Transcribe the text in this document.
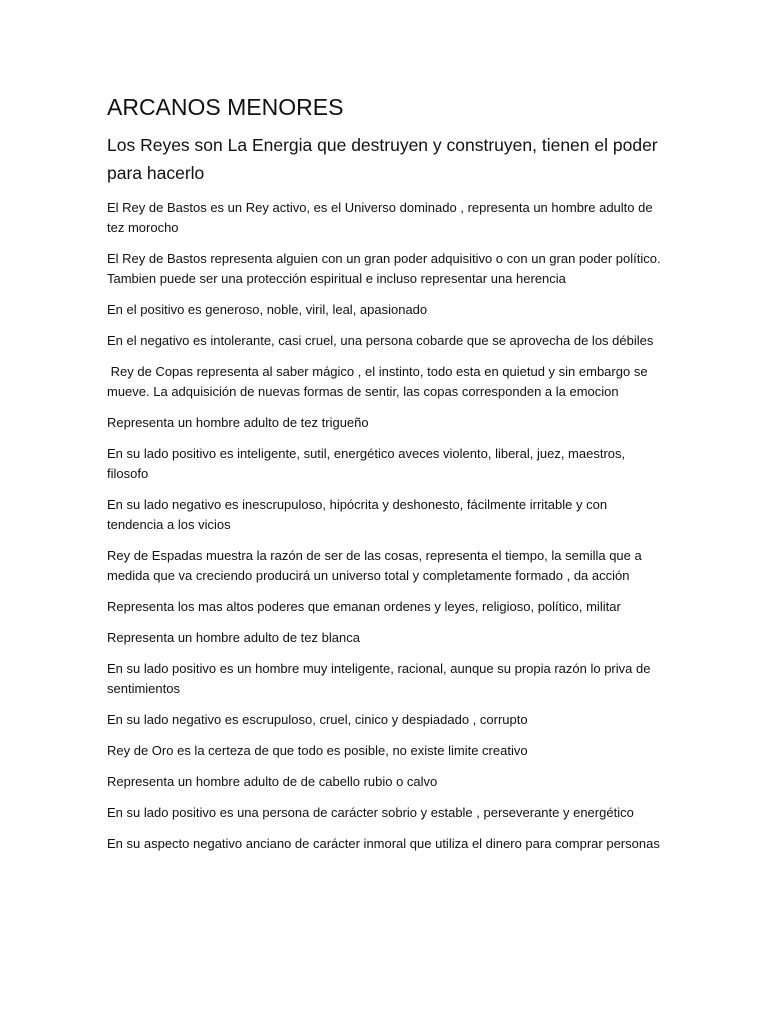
ARCANOS MENORES
Los Reyes son La Energia que destruyen y construyen, tienen el poder para hacerlo

El Rey de Bastos es un Rey activo, es el Universo dominado , representa un hombre adulto de tez morocho

El Rey de Bastos representa alguien con un gran poder adquisitivo o con un gran poder político. Tambien puede ser una protección espiritual e incluso representar una herencia

En el positivo es generoso, noble, viril, leal, apasionado

En el negativo es intolerante, casi cruel, una persona cobarde que se aprovecha de los débiles

Rey de Copas representa al saber mágico , el instinto, todo esta en quietud y sin embargo se mueve. La adquisición de nuevas formas de sentir, las copas corresponden a la emocion

Representa un hombre adulto de tez trigueño

En su lado positivo es inteligente, sutil, energético aveces violento, liberal, juez, maestros, filosofo

En su lado negativo es inescrupuloso, hipócrita y deshonesto, fácilmente irritable y con tendencia a los vicios

Rey de Espadas muestra la razón de ser de las cosas, representa el tiempo, la semilla que a medida que va creciendo producirá un universo total y completamente formado , da acción

Representa los mas altos poderes que emanan ordenes y leyes, religioso, político, militar

Representa un hombre adulto de tez blanca

En su lado positivo es un hombre muy inteligente, racional, aunque su propia razón lo priva de sentimientos

En su lado negativo es escrupuloso, cruel, cinico y despiadado , corrupto

Rey de Oro es la certeza de que todo es posible, no existe limite creativo

Representa un hombre adulto de de cabello rubio o calvo

En su lado positivo es una persona de carácter sobrio y estable , perseverante y energético

En su aspecto negativo anciano de carácter inmoral que utiliza el dinero para comprar personas
